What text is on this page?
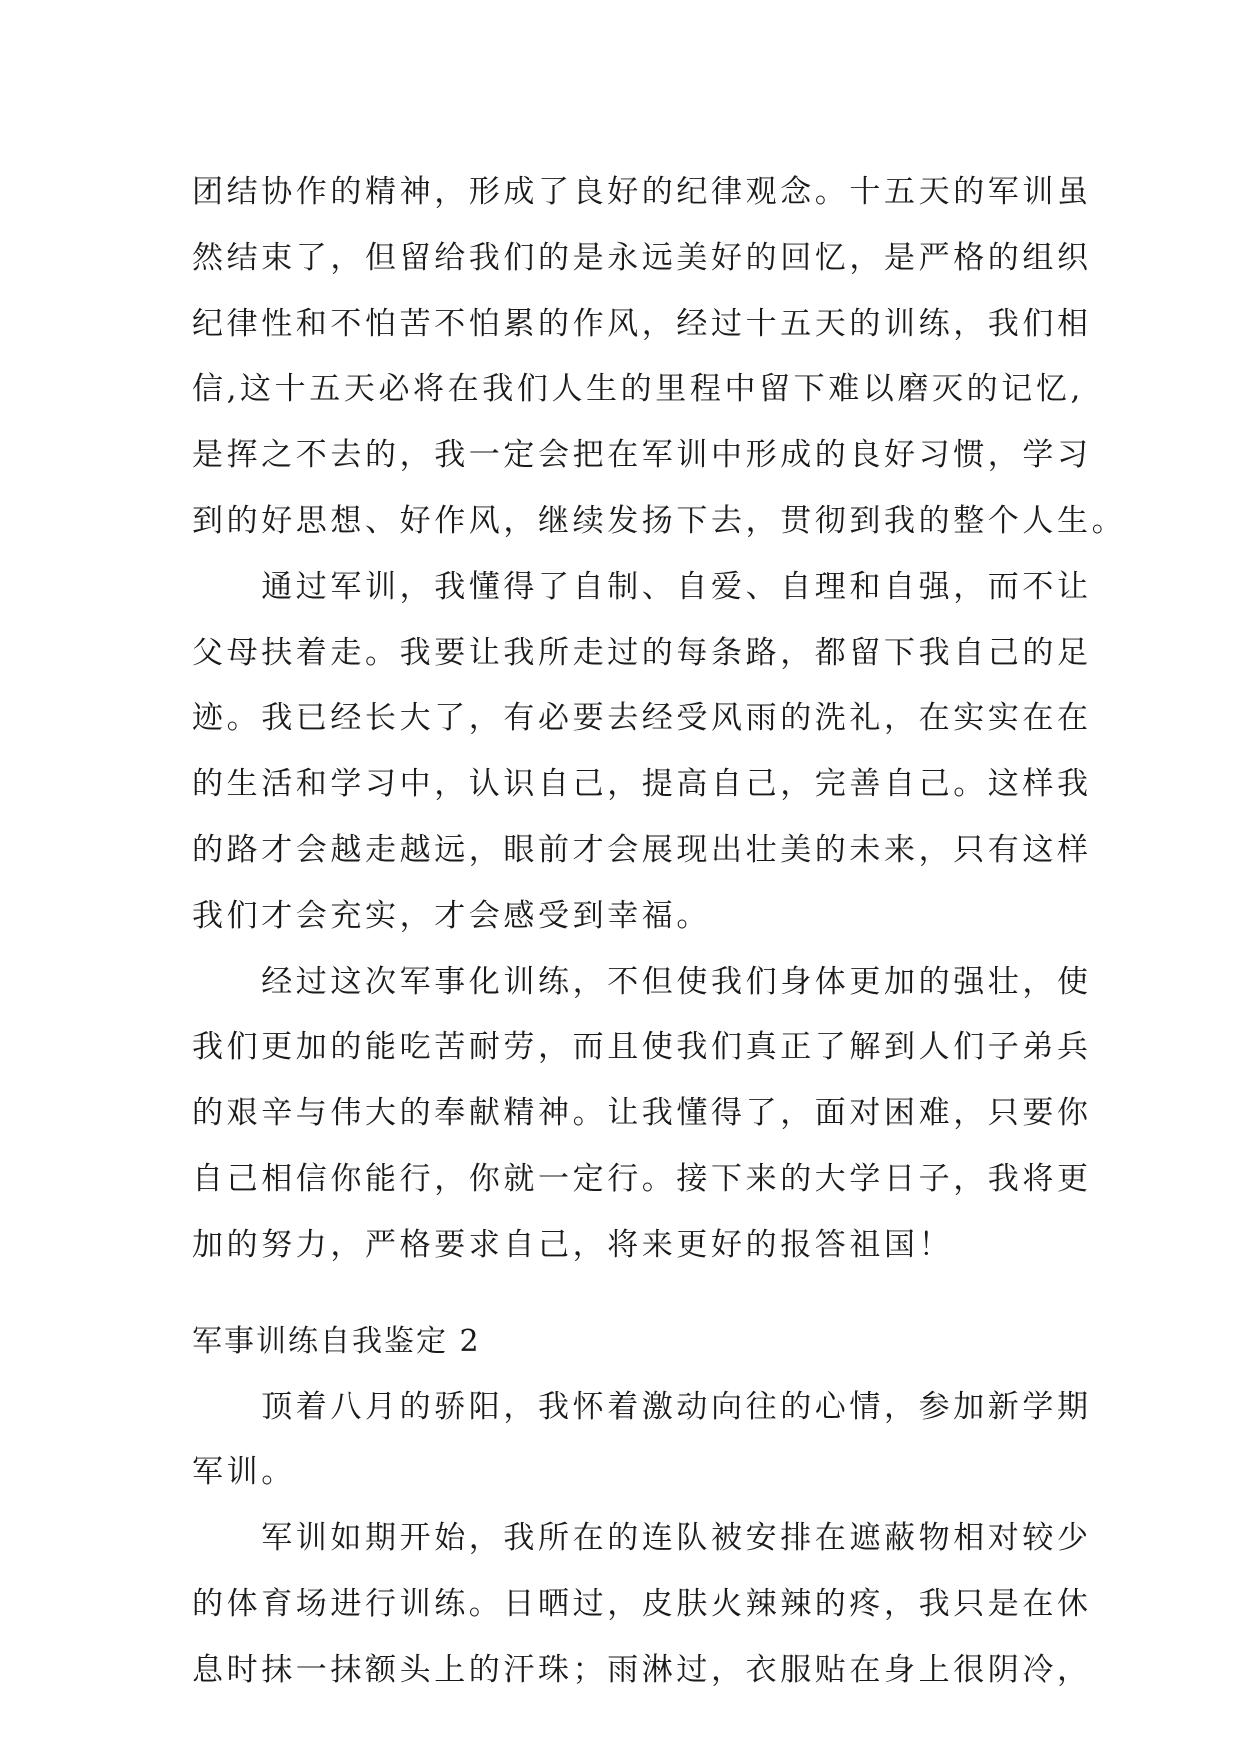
团结协作的精神，形成了良好的纪律观念。十五天的军训虽
然结束了，但留给我们的是永远美好的回忆，是严格的组织
纪律性和不怕苦不怕累的作风，经过十五天的训练，我们相
信,这十五天必将在我们人生的里程中留下难以磨灭的记忆,
是挥之不去的，我一定会把在军训中形成的良好习惯，学习
到的好思想、好作风，继续发扬下去，贯彻到我的整个人生。
　　通过军训，我懂得了自制、自爱、自理和自强，而不让
父母扶着走。我要让我所走过的每条路，都留下我自己的足
迹。我已经长大了，有必要去经受风雨的洗礼，在实实在在
的生活和学习中，认识自己，提高自己，完善自己。这样我
的路才会越走越远，眼前才会展现出壮美的未来，只有这样
我们才会充实，才会感受到幸福。
　　经过这次军事化训练，不但使我们身体更加的强壮，使
我们更加的能吃苦耐劳，而且使我们真正了解到人们子弟兵
的艰辛与伟大的奉献精神。让我懂得了，面对困难，只要你
自己相信你能行，你就一定行。接下来的大学日子，我将更
加的努力，严格要求自己，将来更好的报答祖国！
军事训练自我鉴定 2
　　顶着八月的骄阳，我怀着激动向往的心情，参加新学期
军训。
　　军训如期开始，我所在的连队被安排在遮蔽物相对较少
的体育场进行训练。日晒过，皮肤火辣辣的疼，我只是在休
息时抹一抹额头上的汗珠；雨淋过，衣服贴在身上很阴冷，
